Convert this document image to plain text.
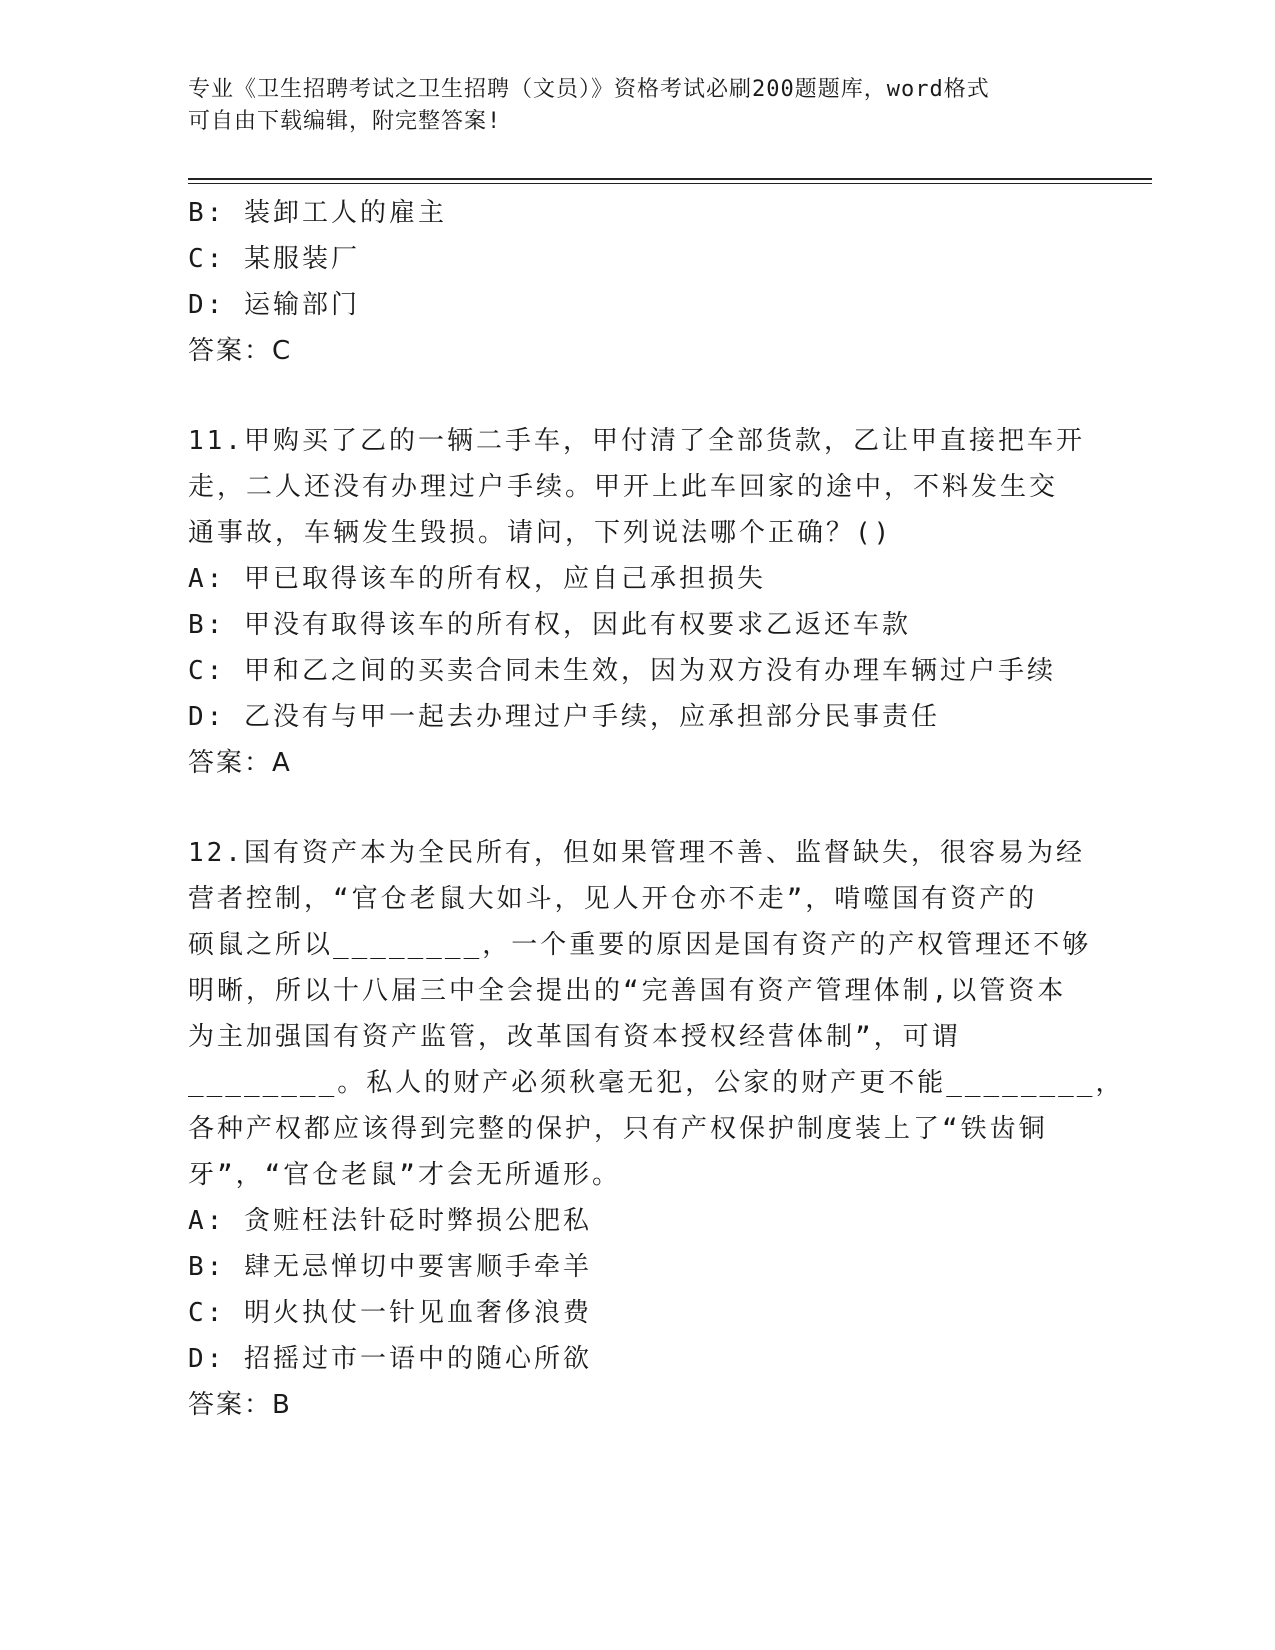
专业《卫生招聘考试之卫生招聘（文员）》资格考试必刷200题题库，word格式
可自由下载编辑，附完整答案!
B: 装卸工人的雇主
C: 某服装厂
D: 运输部门
答案：C
11.甲购买了乙的一辆二手车，甲付清了全部货款，乙让甲直接把车开
走，二人还没有办理过户手续。甲开上此车回家的途中，不料发生交
通事故，车辆发生毁损。请问，下列说法哪个正确？()
A: 甲已取得该车的所有权，应自己承担损失
B: 甲没有取得该车的所有权，因此有权要求乙返还车款
C: 甲和乙之间的买卖合同未生效，因为双方没有办理车辆过户手续
D: 乙没有与甲一起去办理过户手续，应承担部分民事责任
答案：A
12.国有资产本为全民所有，但如果管理不善、监督缺失，很容易为经
营者控制，“官仓老鼠大如斗，见人开仓亦不走”，啃噬国有资产的
硕鼠之所以________，一个重要的原因是国有资产的产权管理还不够
明晰，所以十八届三中全会提出的“完善国有资产管理体制,以管资本
为主加强国有资产监管，改革国有资本授权经营体制”，可谓
________。私人的财产必须秋毫无犯，公家的财产更不能________，
各种产权都应该得到完整的保护，只有产权保护制度装上了“铁齿铜
牙”，“官仓老鼠”才会无所遁形。
A: 贪赃枉法针砭时弊损公肥私
B: 肆无忌惮切中要害顺手牵羊
C: 明火执仗一针见血奢侈浪费
D: 招摇过市一语中的随心所欲
答案：B
